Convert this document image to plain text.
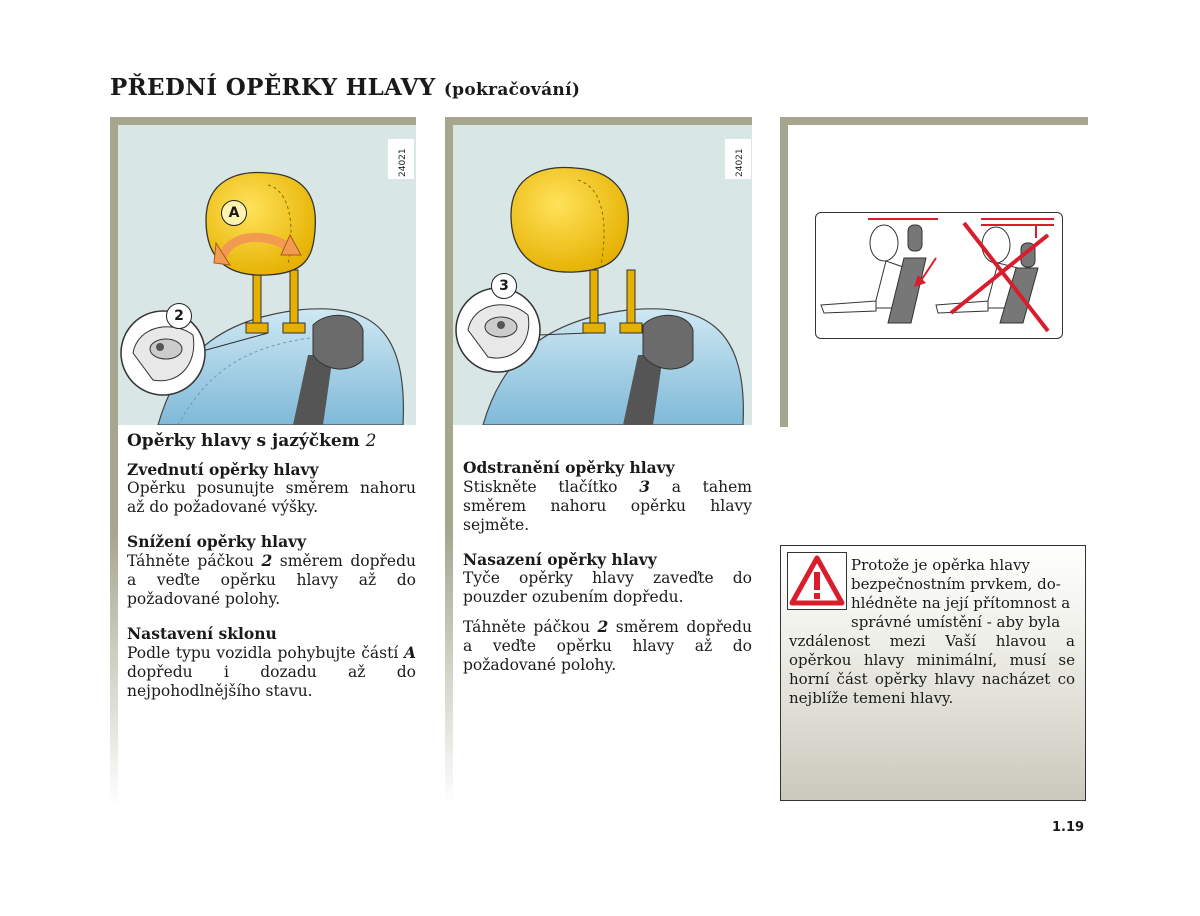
PŘEDNÍ OPĚRKY HLAVY (pokračování)
A
2
24021
3
24021
Opěrky hlavy s jazýčkem 2
Zvednutí opěrky hlavy

Opěrku posunujte směrem nahoru až do požadované výšky.

Snížení opěrky hlavy

Táhněte páčkou 2 směrem dopředu a veďte opěrku hlavy až do požadované polohy.

Nastavení sklonu

Podle typu vozidla pohybujte částí A dopředu i dozadu až do nejpohodlnějšího stavu.

Odstranění opěrky hlavy

Stiskněte tlačítko 3 a tahem směrem nahoru opěrku hlavy sejměte.

Nasazení opěrky hlavy

Tyče opěrky hlavy zaveďte do pouzder ozubením dopředu.

Táhněte páčkou 2 směrem dopředu a veďte opěrku hlavy až do požadované polohy.

Protože je opěrka hlavy
bezpečnostním prvkem, do-
hlédněte na její přítomnost a
správné umístění - aby byla
vzdálenost mezi Vaší hlavou a opěrkou hlavy minimální, musí se horní část opěrky hlavy nacházet co nejblíže temeni hlavy.
1.19
